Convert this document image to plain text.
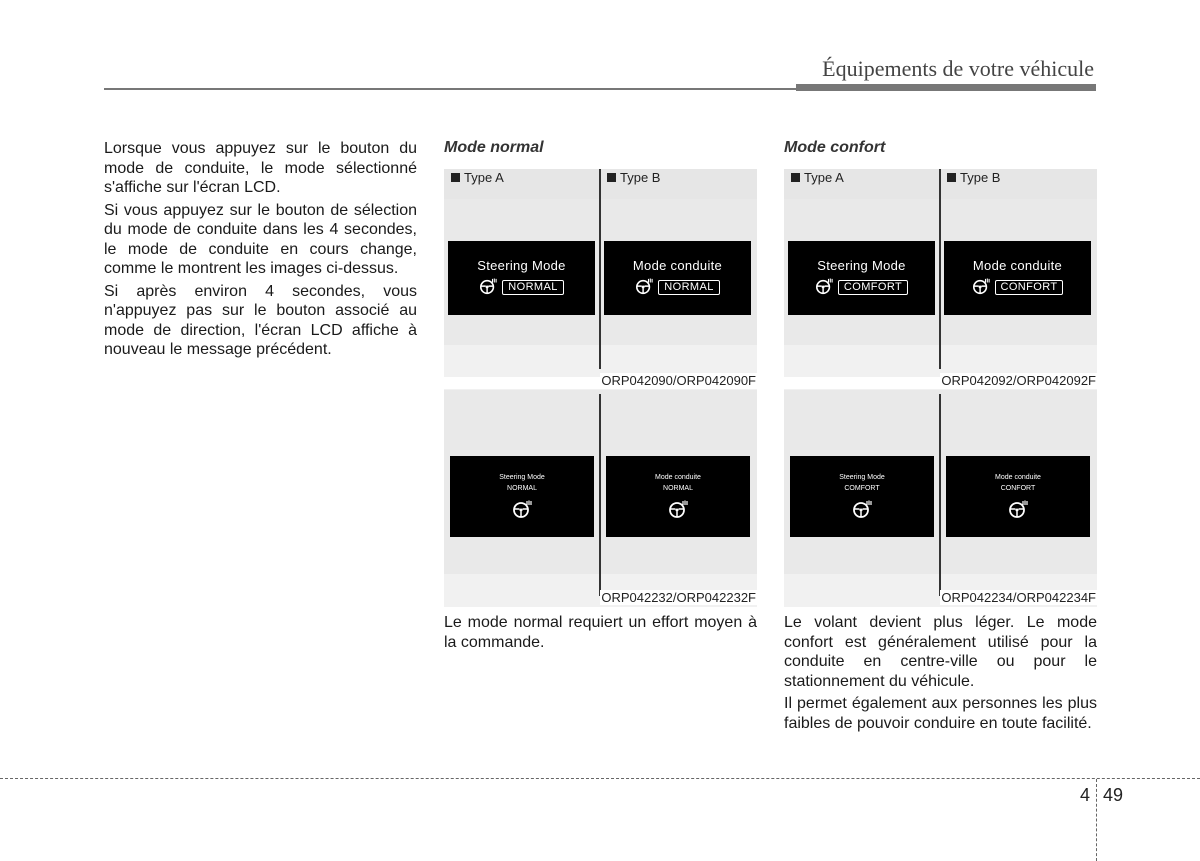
Équipements de votre véhicule

Lorsque vous appuyez sur le bouton du mode de conduite, le mode sélectionné s'affiche sur l'écran LCD.

Si vous appuyez sur le bouton de sélection du mode de conduite dans les 4 secondes, le mode de conduite en cours change, comme le montrent les images ci-dessus.

Si après environ 4 secondes, vous n'appuyez pas sur le bouton associé au mode de direction, l'écran LCD affiche à nouveau le message précédent.

Mode normal
Type A	Type B
Steering Mode
NORMAL
Mode conduite
NORMAL
ORP042090/ORP042090F
Steering Mode
NORMAL
Mode conduite
NORMAL
ORP042232/ORP042232F

Le mode normal requiert un effort moyen à la commande.

Mode confort
Type A	Type B
Steering Mode
COMFORT
Mode conduite
CONFORT
ORP042092/ORP042092F
Steering Mode
COMFORT
Mode conduite
CONFORT
ORP042234/ORP042234F

Le volant devient plus léger. Le mode confort est généralement utilisé pour la conduite en centre-ville ou pour le stationnement du véhicule.

Il permet également aux personnes les plus faibles de pouvoir conduire en toute facilité.

4 49
